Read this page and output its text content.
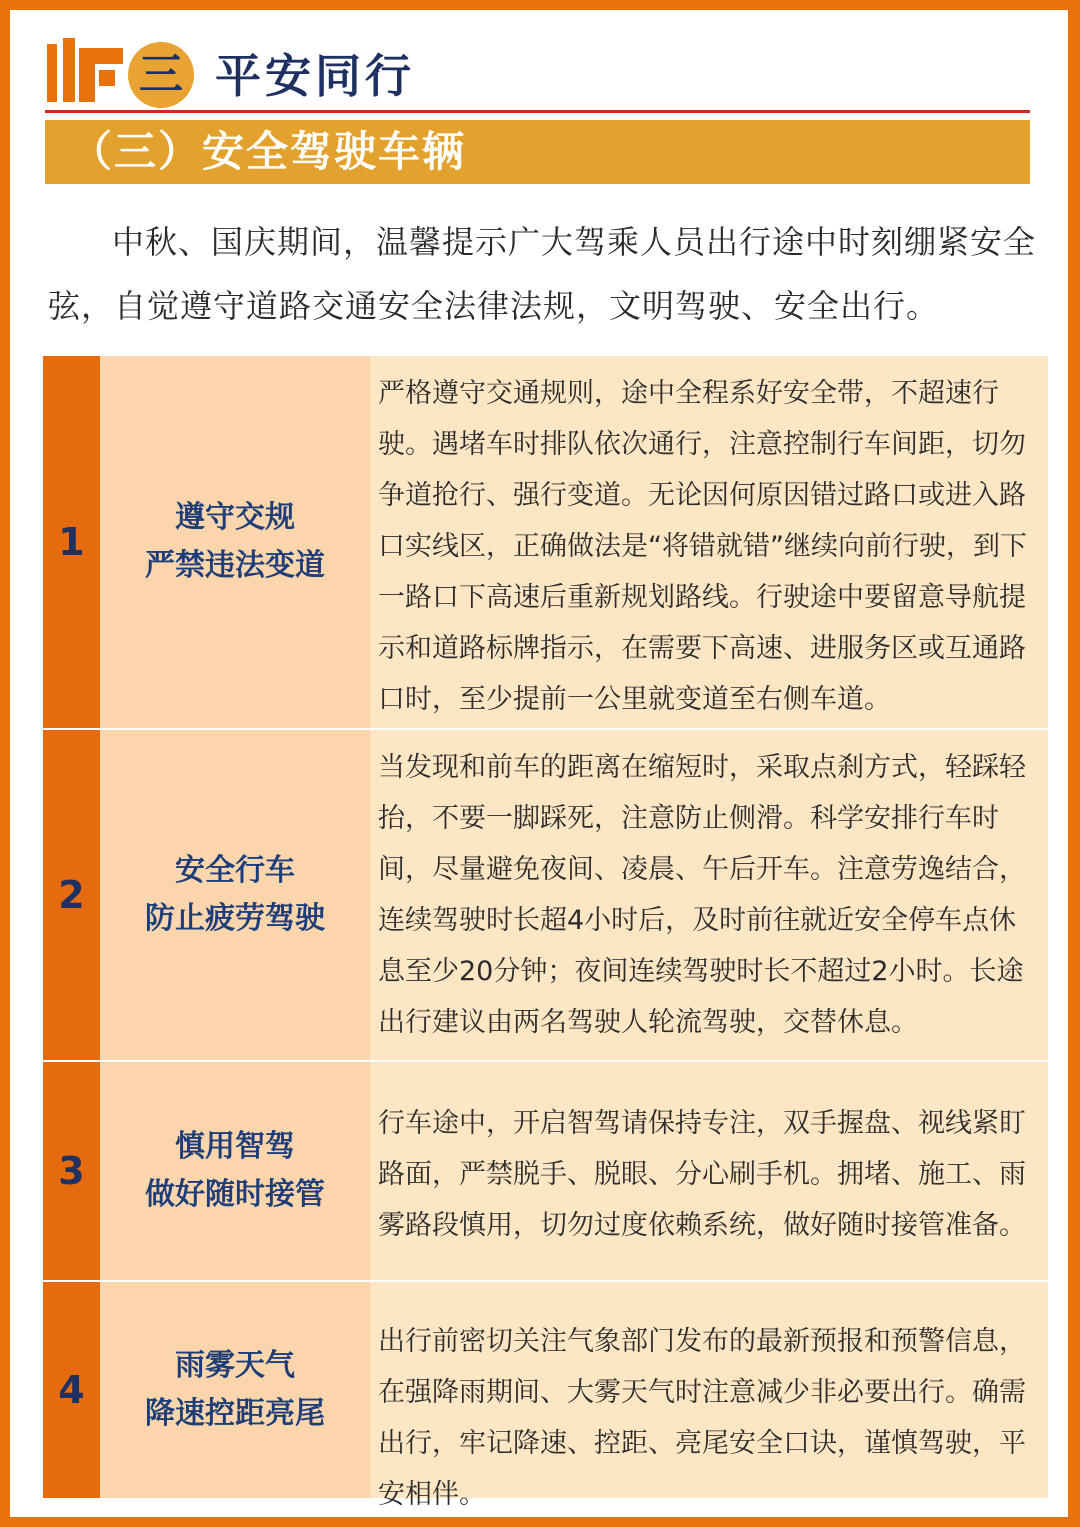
三 平安同行
（三）安全驾驶车辆
中秋、国庆期间，温馨提示广大驾乘人员出行途中时刻绷紧安全弦，自觉遵守道路交通安全法律法规，文明驾驶、安全出行。
1
遵守交规
严禁违法变道
严格遵守交通规则，途中全程系好安全带，不超速行驶。遇堵车时排队依次通行，注意控制行车间距，切勿争道抢行、强行变道。无论因何原因错过路口或进入路口实线区，正确做法是“将错就错”继续向前行驶，到下一路口下高速后重新规划路线。行驶途中要留意导航提示和道路标牌指示，在需要下高速、进服务区或互通路口时，至少提前一公里就变道至右侧车道。
2
安全行车
防止疲劳驾驶
当发现和前车的距离在缩短时，采取点刹方式，轻踩轻抬，不要一脚踩死，注意防止侧滑。科学安排行车时间，尽量避免夜间、凌晨、午后开车。注意劳逸结合，连续驾驶时长超4小时后，及时前往就近安全停车点休息至少20分钟；夜间连续驾驶时长不超过2小时。长途出行建议由两名驾驶人轮流驾驶，交替休息。
3
慎用智驾
做好随时接管
行车途中，开启智驾请保持专注，双手握盘、视线紧盯路面，严禁脱手、脱眼、分心刷手机。拥堵、施工、雨雾路段慎用，切勿过度依赖系统，做好随时接管准备。
4
雨雾天气
降速控距亮尾
出行前密切关注气象部门发布的最新预报和预警信息，在强降雨期间、大雾天气时注意减少非必要出行。确需出行，牢记降速、控距、亮尾安全口诀，谨慎驾驶，平安相伴。
